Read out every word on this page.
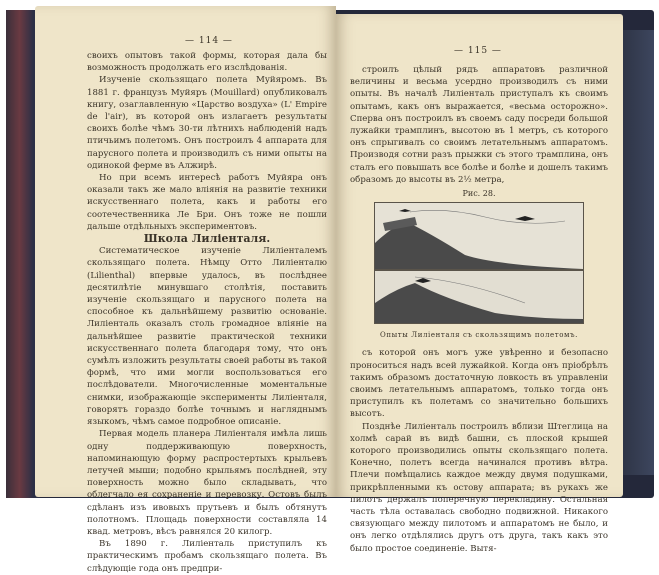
— 114 —

своихъ опытовъ такой формы, которая дала бы возможность продолжать его изслѣдованія.

Изученіе скользящаго полета Муйяромъ. Въ 1881 г. французъ Муйяръ (Mouillard) опубликовалъ книгу, озаглавленную «Царство воздуха» (L' Empire de l'air), въ которой онъ излагаетъ результаты своихъ болѣе чѣмъ 30-ти лѣтнихъ наблюденій надъ птичьимъ полетомъ. Онъ построилъ 4 аппарата для парусного полета и производилъ съ ними опыты на одинокой ферме въ Алжирѣ.

Но при всемъ интересѣ работъ Муйяра онъ оказали такъ же мало вліянія на развитіе техники искусственнаго полета, какъ и работы его соотечественника Ле Бри. Онъ тоже не пошли дальше отдѣльныхъ экспериментовъ.

Школа Лиліенталя.

Систематическое изученіе Лиліенталемъ скользящаго полета. Нѣмцу Отто Лиліенталю (Lilienthal) впервые удалось, въ послѣднее десятилѣтіе минувшаго столѣтія, поставить изученіе скользящаго и парусного полета на способное къ дальнѣйшему развитію основаніе. Лиліенталь оказалъ столь громадное вліяніе на дальнѣйшее развитіе практической техники искусственнаго полета благодаря тому, что онъ сумѣлъ изложить результаты своей работы въ такой формѣ, что ими могли воспользоваться его послѣдователи. Многочисленные моментальные снимки, изображающіе эксперименты Лиліенталя, говорятъ гораздо болѣе точнымъ и нагляднымъ языкомъ, чѣмъ самое подробное описаніе.

Первая модель планера Лиліенталя имѣла лишь одну поддерживающую поверхность, напоминающую форму распростертыхъ крыльевъ летучей мыши; подобно крыльямъ послѣдней, эту поверхность можно было складывать, что облегчало ея сохраненіе и перевозку. Остовъ былъ сдѣланъ изъ ивовыхъ прутьевъ и былъ обтянутъ полотномъ. Площадь поверхности составляла 14 квад. метровъ, вѣсъ равнялся 20 килогр.

Въ 1890 г. Лиліенталь приступилъ къ практическимъ пробамъ скользящаго полета. Въ слѣдующіе года онъ предпри-

— 115 —

стрoилъ цѣлый рядъ аппаратовъ различной величины и весьма усердно производилъ съ ними опыты. Въ началѣ Лиліенталь приступалъ къ своимъ опытамъ, какъ онъ выражается, «весьма осторожно». Сперва онъ построилъ въ своемъ саду посреди большой лужайки трамплинъ, высотою въ 1 метръ, съ которого онъ спрыгивалъ со своимъ летательнымъ аппаратомъ. Производя сотни разъ прыжки съ этого трамплина, онъ сталъ его повышать все болѣе и болѣе и дошелъ такимъ образомъ до высоты въ 2½ метра,

Рис. 28.
Опыты Лиліенталя съ скользящимъ полетомъ.

съ которой онъ могъ уже увѣренно и безопасно проноситься надъ всей лужайкой. Когда онъ пріобрѣлъ такимъ образомъ достаточную ловкость въ управленіи своимъ летательнымъ аппаратомъ, только тогда онъ приступилъ къ полетамъ со значительно большихъ высотъ.

Позднѣе Лиліенталь построилъ вблизи Штеглица на холмѣ сарай въ видѣ башни, съ плоской крышей которого производились опыты скользящаго полета. Конечно, полетъ всегда начинался противъ вѣтра. Плечи помѣщались каждое между двумя подушками, прикрѣпленными къ остову аппарата; въ рукахъ же пилотъ держалъ поперечную перекладину. Остальная часть тѣла оставалась свободно подвижной. Никакого связующаго между пилотомъ и аппаратомъ не было, и онъ легко отдѣлялись другъ отъ друга, такъ какъ это было простое соединеніе. Вытя-
